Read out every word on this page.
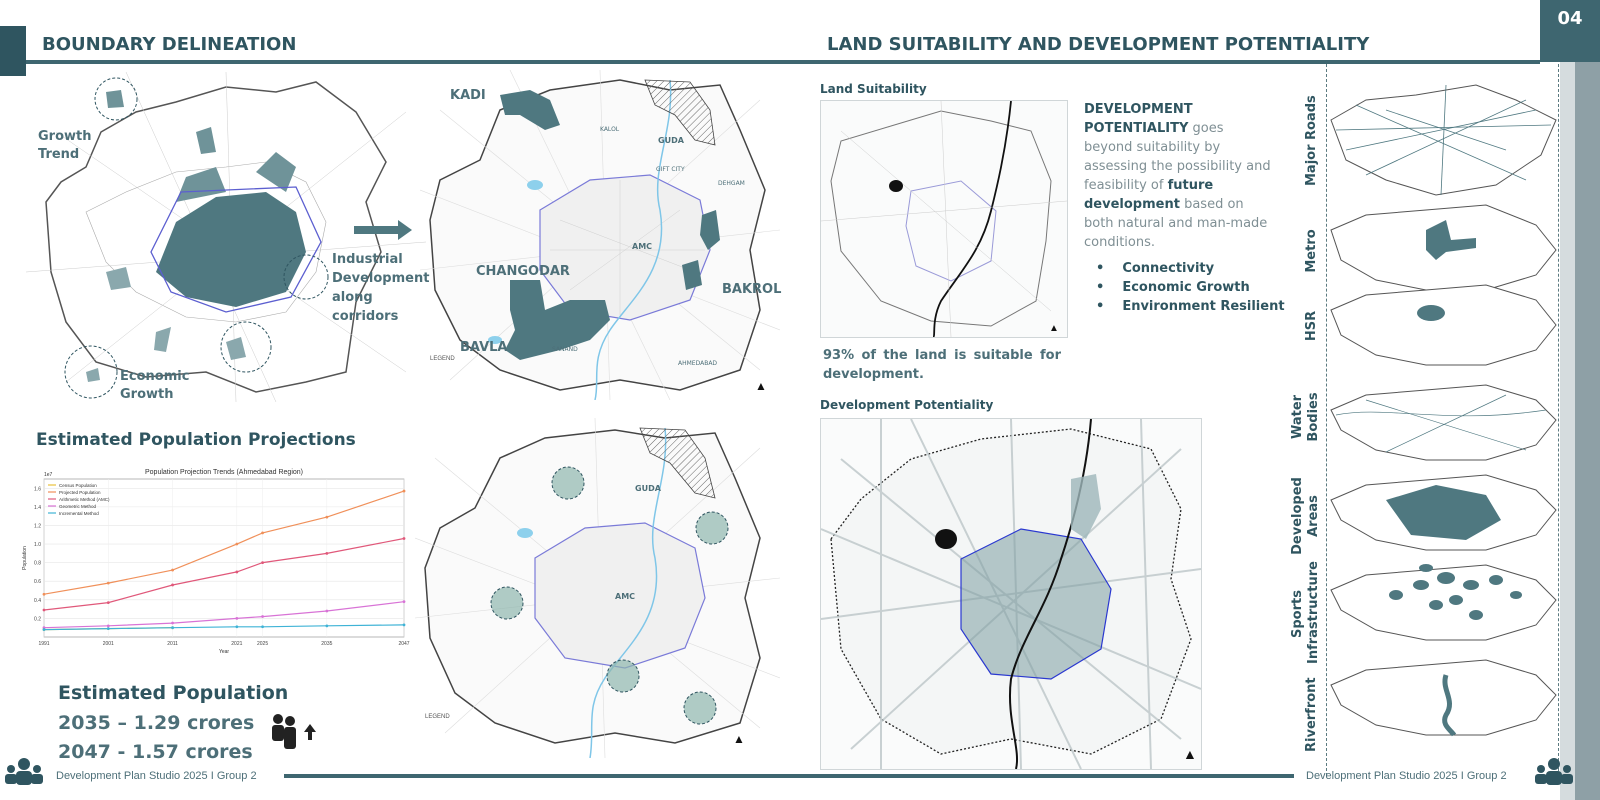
BOUNDARY DELINEATION	LAND SUITABILITY AND DEVELOPMENT POTENTIALITY
04
Growth Trend
Industrial Development along corridors
Economic Growth
LEGEND
▲
KADI
GUDA
CHANGODAR
BAKROL
BAVLA
AMC
KALOL
GIFT CITY
DEHGAM
SANAND
AHMEDABAD
Estimated Population Projections
0.2
0.4
0.6
0.8
1.0
1.2
1.4
1.6
1991	2001	2011	2021	2025	2035	2047
Population Projection Trends (Ahmedabad Region)
Year
Population
1e7
Census Population
Projected Population
Arithmetic Method (AMC)
Geometric Method
Incremental Method
Estimated Population
2035 – 1.29 crores
2047 - 1.57 crores
LEGEND
▲
GUDA
AMC
Land Suitability
▲
93% of the land is suitable for development.
DEVELOPMENT POTENTIALITY goes beyond suitability by assessing the possibility and feasibility of future development based on both natural and man-made conditions.
• Connectivity
• Economic Growth
• Environment Resilient
Development Potentiality
▲
Major Roads
Metro
HSR
Water Bodies
Developed Areas
Sports Infrastructure
Riverfront
Development Plan Studio 2025 I Group 2	Development Plan Studio 2025 I Group 2
